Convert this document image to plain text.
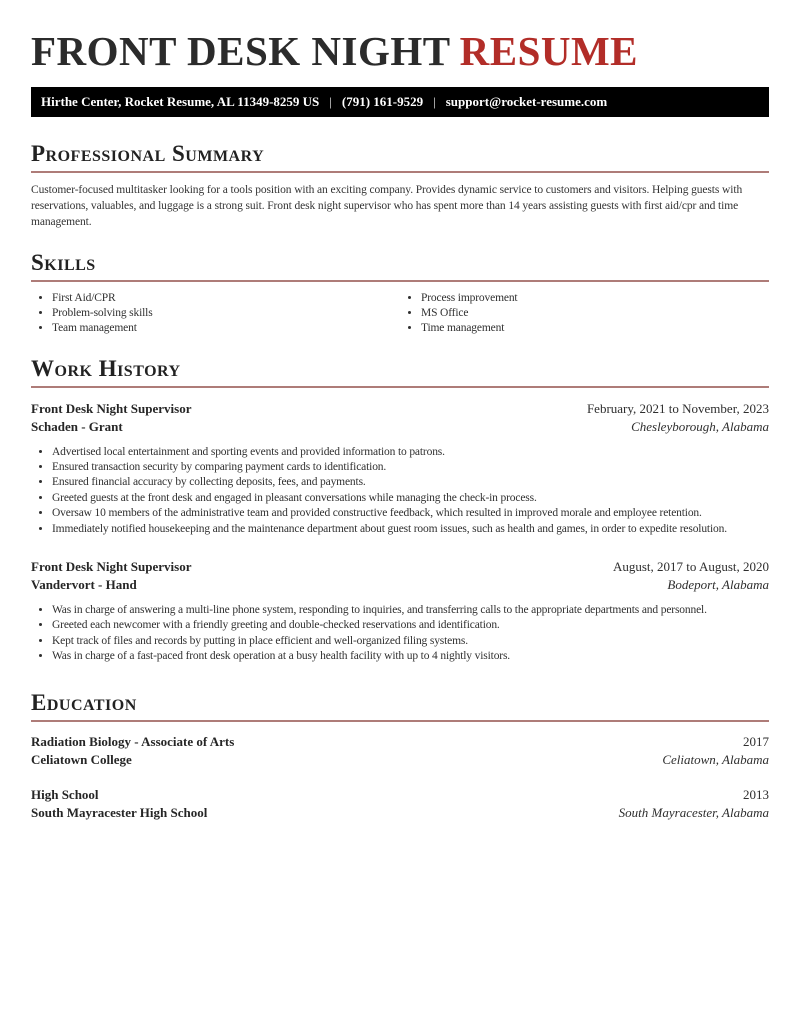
FRONT DESK NIGHT RESUME
Hirthe Center, Rocket Resume, AL 11349-8259 US | (791) 161-9529 | support@rocket-resume.com
Professional Summary

Customer-focused multitasker looking for a tools position with an exciting company. Provides dynamic service to customers and visitors. Helping guests with reservations, valuables, and luggage is a strong suit. Front desk night supervisor who has spent more than 14 years assisting guests with first aid/cpr and time management.

Skills
• First Aid/CPR
• Problem-solving skills
• Team management
• Process improvement
• MS Office
• Time management
Work History
Front Desk Night Supervisor	February, 2021 to November, 2023
Schaden - Grant	Chesleyborough, Alabama
• Advertised local entertainment and sporting events and provided information to patrons.
• Ensured transaction security by comparing payment cards to identification.
• Ensured financial accuracy by collecting deposits, fees, and payments.
• Greeted guests at the front desk and engaged in pleasant conversations while managing the check-in process.
• Oversaw 10 members of the administrative team and provided constructive feedback, which resulted in improved morale and employee retention.
• Immediately notified housekeeping and the maintenance department about guest room issues, such as health and games, in order to expedite resolution.
Front Desk Night Supervisor	August, 2017 to August, 2020
Vandervort - Hand	Bodeport, Alabama
• Was in charge of answering a multi-line phone system, responding to inquiries, and transferring calls to the appropriate departments and personnel.
• Greeted each newcomer with a friendly greeting and double-checked reservations and identification.
• Kept track of files and records by putting in place efficient and well-organized filing systems.
• Was in charge of a fast-paced front desk operation at a busy health facility with up to 4 nightly visitors.
Education
Radiation Biology - Associate of Arts	2017
Celiatown College	Celiatown, Alabama
High School	2013
South Mayracester High School	South Mayracester, Alabama
